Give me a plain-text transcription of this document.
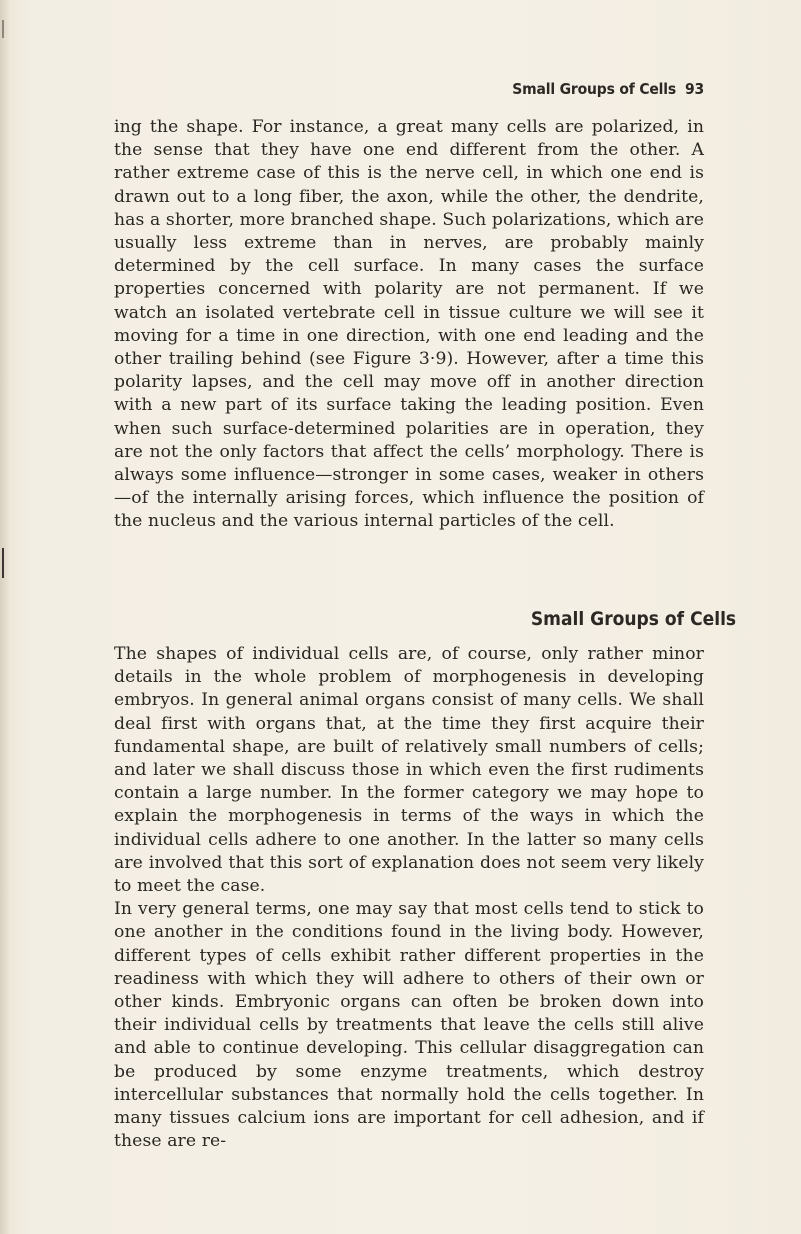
Small Groups of Cells 93

ing the shape. For instance, a great many cells are polarized, in the sense that they have one end different from the other. A rather extreme case of this is the nerve cell, in which one end is drawn out to a long fiber, the axon, while the other, the dendrite, has a shorter, more branched shape. Such polarizations, which are usually less extreme than in nerves, are probably mainly determined by the cell surface. In many cases the surface properties concerned with polarity are not permanent. If we watch an isolated vertebrate cell in tissue culture we will see it moving for a time in one direction, with one end leading and the other trailing behind (see Figure 3·9). However, after a time this polarity lapses, and the cell may move off in another direction with a new part of its surface taking the leading position. Even when such surface-determined polarities are in operation, they are not the only factors that affect the cells’ morphology. There is always some influence—stronger in some cases, weaker in others—of the internally arising forces, which influence the position of the nucleus and the various internal particles of the cell.

Small Groups of Cells

The shapes of individual cells are, of course, only rather minor details in the whole problem of morphogenesis in developing embryos. In general animal organs consist of many cells. We shall deal first with organs that, at the time they first acquire their fundamental shape, are built of relatively small numbers of cells; and later we shall discuss those in which even the first rudiments contain a large number. In the former category we may hope to explain the morphogenesis in terms of the ways in which the individual cells adhere to one another. In the latter so many cells are involved that this sort of explanation does not seem very likely to meet the case.

In very general terms, one may say that most cells tend to stick to one another in the conditions found in the living body. However, different types of cells exhibit rather different properties in the readiness with which they will adhere to others of their own or other kinds. Embryonic organs can often be broken down into their individual cells by treatments that leave the cells still alive and able to continue developing. This cellular disaggregation can be produced by some enzyme treatments, which destroy intercellular substances that normally hold the cells together. In many tissues calcium ions are important for cell adhesion, and if these are re-
